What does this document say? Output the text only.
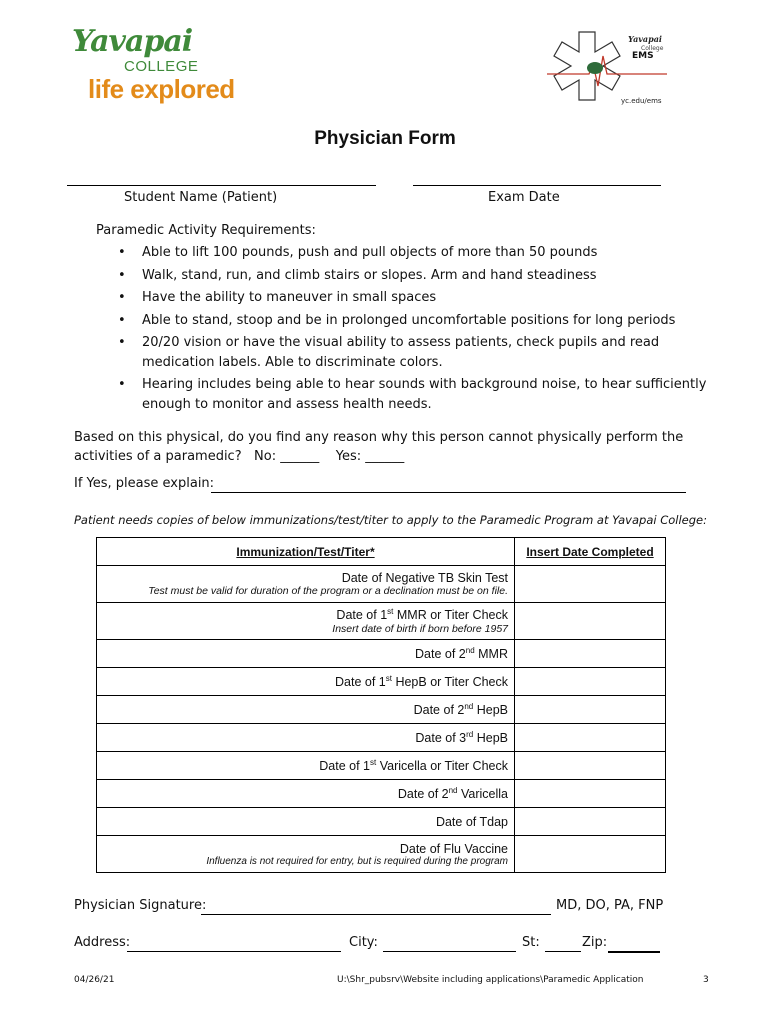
Yavapai
COLLEGE
life explored
Yavapai
College
EMS
yc.edu/ems
Physician Form
Student Name (Patient)	Exam Date
Paramedic Activity Requirements:
• Able to lift 100 pounds, push and pull objects of more than 50 pounds
• Walk, stand, run, and climb stairs or slopes. Arm and hand steadiness
• Have the ability to maneuver in small spaces
• Able to stand, stoop and be in prolonged uncomfortable positions for long periods
• 20/20 vision or have the visual ability to assess patients, check pupils and read medication labels. Able to discriminate colors.
• Hearing includes being able to hear sounds with background noise, to hear sufficiently enough to monitor and assess health needs.
Based on this physical, do you find any reason why this person cannot physically perform the activities of a paramedic? No: ______ Yes: ______
If Yes, please explain:
Patient needs copies of below immunizations/test/titer to apply to the Paramedic Program at Yavapai College:
Immunization/Test/Titer*	Insert Date Completed
Date of Negative TB Skin Test
Test must be valid for duration of the program or a declination must be on file.	

Date of 1st MMR or Titer Check
Insert date of birth if born before 1957	

Date of 2nd MMR	
Date of 1st HepB or Titer Check	
Date of 2nd HepB	
Date of 3rd HepB	
Date of 1st Varicella or Titer Check	
Date of 2nd Varicella	
Date of Tdap	
Date of Flu Vaccine
Influenza is not required for entry, but is required during the program	

Physician Signature:	MD, DO, PA, FNP
Address:	City:	St:	Zip:
04/26/21	U:\Shr_pubsrv\Website including applications\Paramedic Application	3
